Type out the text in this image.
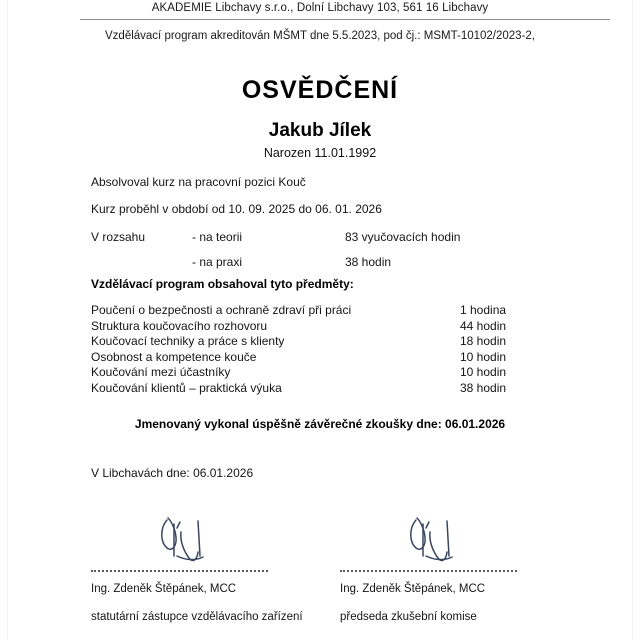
AKADEMIE Libchavy s.r.o., Dolní Libchavy 103, 561 16 Libchavy
Vzdělávací program akreditován MŠMT dne 5.5.2023, pod čj.: MSMT-10102/2023-2,
OSVĚDČENÍ
Jakub Jílek
Narozen 11.01.1992
Absolvoval kurz na pracovní pozici Kouč
Kurz proběhl v období od 10. 09. 2025 do 06. 01. 2026
V rozsahu	- na teorii	83 vyučovacích hodin
- na praxi	38 hodin
Vzdělávací program obsahoval tyto předměty:
Poučení o bezpečnosti a ochraně zdraví při práci	1 hodina
Struktura koučovacího rozhovoru	44 hodin
Koučovací techniky a práce s klienty	18 hodin
Osobnost a kompetence kouče	10 hodin
Koučování mezi účastníky	10 hodin
Koučování klientů – praktická výuka	38 hodin
Jmenovaný vykonal úspěšně závěrečné zkoušky dne: 06.01.2026
V Libchavách dne: 06.01.2026
Ing. Zdeněk Štěpánek, MCC
statutární zástupce vzdělávacího zařízení
Ing. Zdeněk Štěpánek, MCC
předseda zkušební komise
